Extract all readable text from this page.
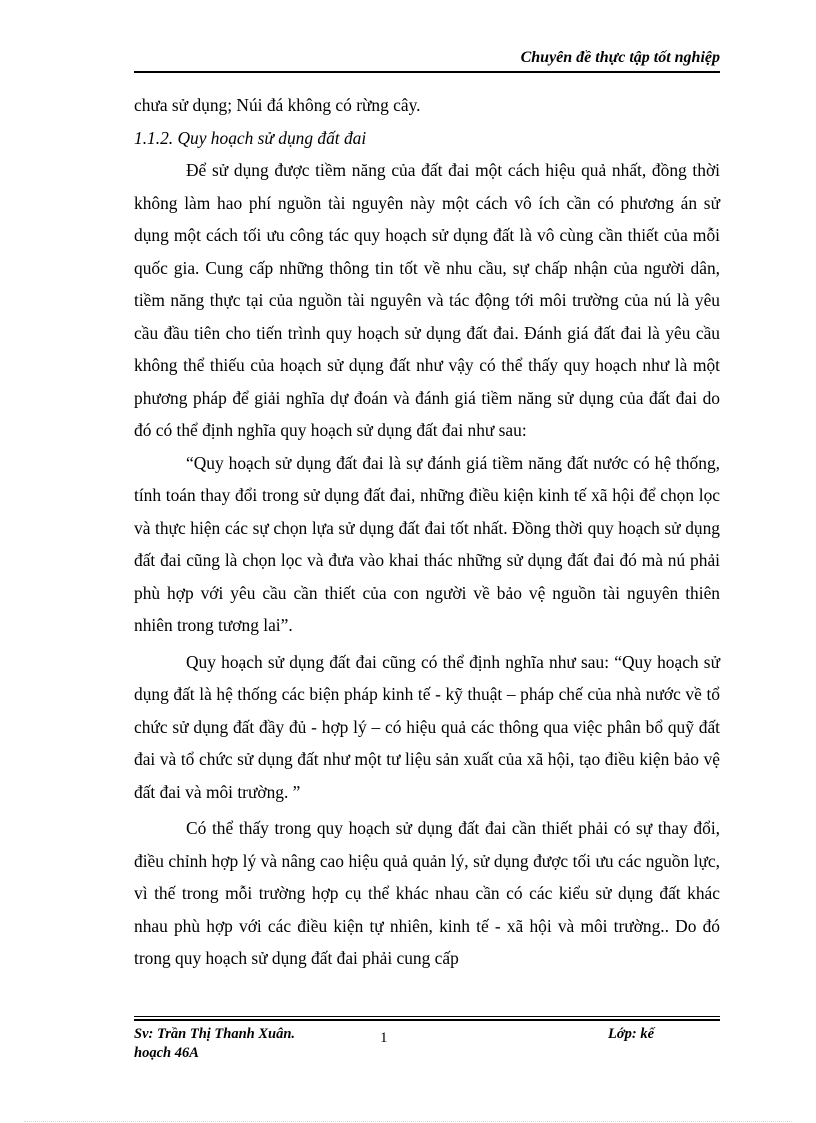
Chuyên đề thực tập tốt nghiệp

chưa sử dụng; Núi đá không có rừng cây.

1.1.2. Quy hoạch sử dụng đất đai

Để sử dụng được tiềm năng của đất đai một cách hiệu quả nhất, đồng thời không làm hao phí nguồn tài nguyên này một cách vô ích cần có phương án sử dụng một cách tối ưu công tác quy hoạch sử dụng đất là vô cùng cần thiết của mỗi quốc gia. Cung cấp những thông tin tốt về nhu cầu, sự chấp nhận của người dân, tiềm năng thực tại của nguồn tài nguyên và tác động tới môi trường của nú là yêu cầu đầu tiên cho tiến trình quy hoạch sử dụng đất đai. Đánh giá đất đai là yêu cầu không thể thiếu của hoạch sử dụng đất như vậy có thể thấy quy hoạch như là một phương pháp để giải nghĩa dự đoán và đánh giá tiềm năng sử dụng của đất đai do đó có thể định nghĩa quy hoạch sử dụng đất đai như sau:

“Quy hoạch sử dụng đất đai là sự đánh giá tiềm năng đất nước có hệ thống, tính toán thay đổi trong sử dụng đất đai, những điều kiện kinh tế xã hội để chọn lọc và thực hiện các sự chọn lựa sử dụng đất đai tốt nhất. Đồng thời quy hoạch sử dụng đất đai cũng là chọn lọc và đưa vào khai thác những sử dụng đất đai đó mà nú phải phù hợp với yêu cầu cần thiết của con người về bảo vệ nguồn tài nguyên thiên nhiên trong tương lai”.

Quy hoạch sử dụng đất đai cũng có thể định nghĩa như sau: “Quy hoạch sử dụng đất là hệ thống các biện pháp kinh tế - kỹ thuật – pháp chế của nhà nước về tổ chức sử dụng đất đầy đủ - hợp lý – có hiệu quả các thông qua việc phân bổ quỹ đất đai và tổ chức sử dụng đất như một tư liệu sản xuất của xã hội, tạo điều kiện bảo vệ đất đai và môi trường. ”

Có thể thấy trong quy hoạch sử dụng đất đai cần thiết phải có sự thay đổi, điều chỉnh hợp lý và nâng cao hiệu quả quản lý, sử dụng được tối ưu các nguồn lực, vì thế trong mỗi trường hợp cụ thể khác nhau cần có các kiểu sử dụng đất khác nhau phù hợp với các điều kiện tự nhiên, kinh tế - xã hội và môi trường.. Do đó trong quy hoạch sử dụng đất đai phải cung cấp

Sv: Trần Thị Thanh Xuân.
hoạch 46A
1	Lớp: kế
